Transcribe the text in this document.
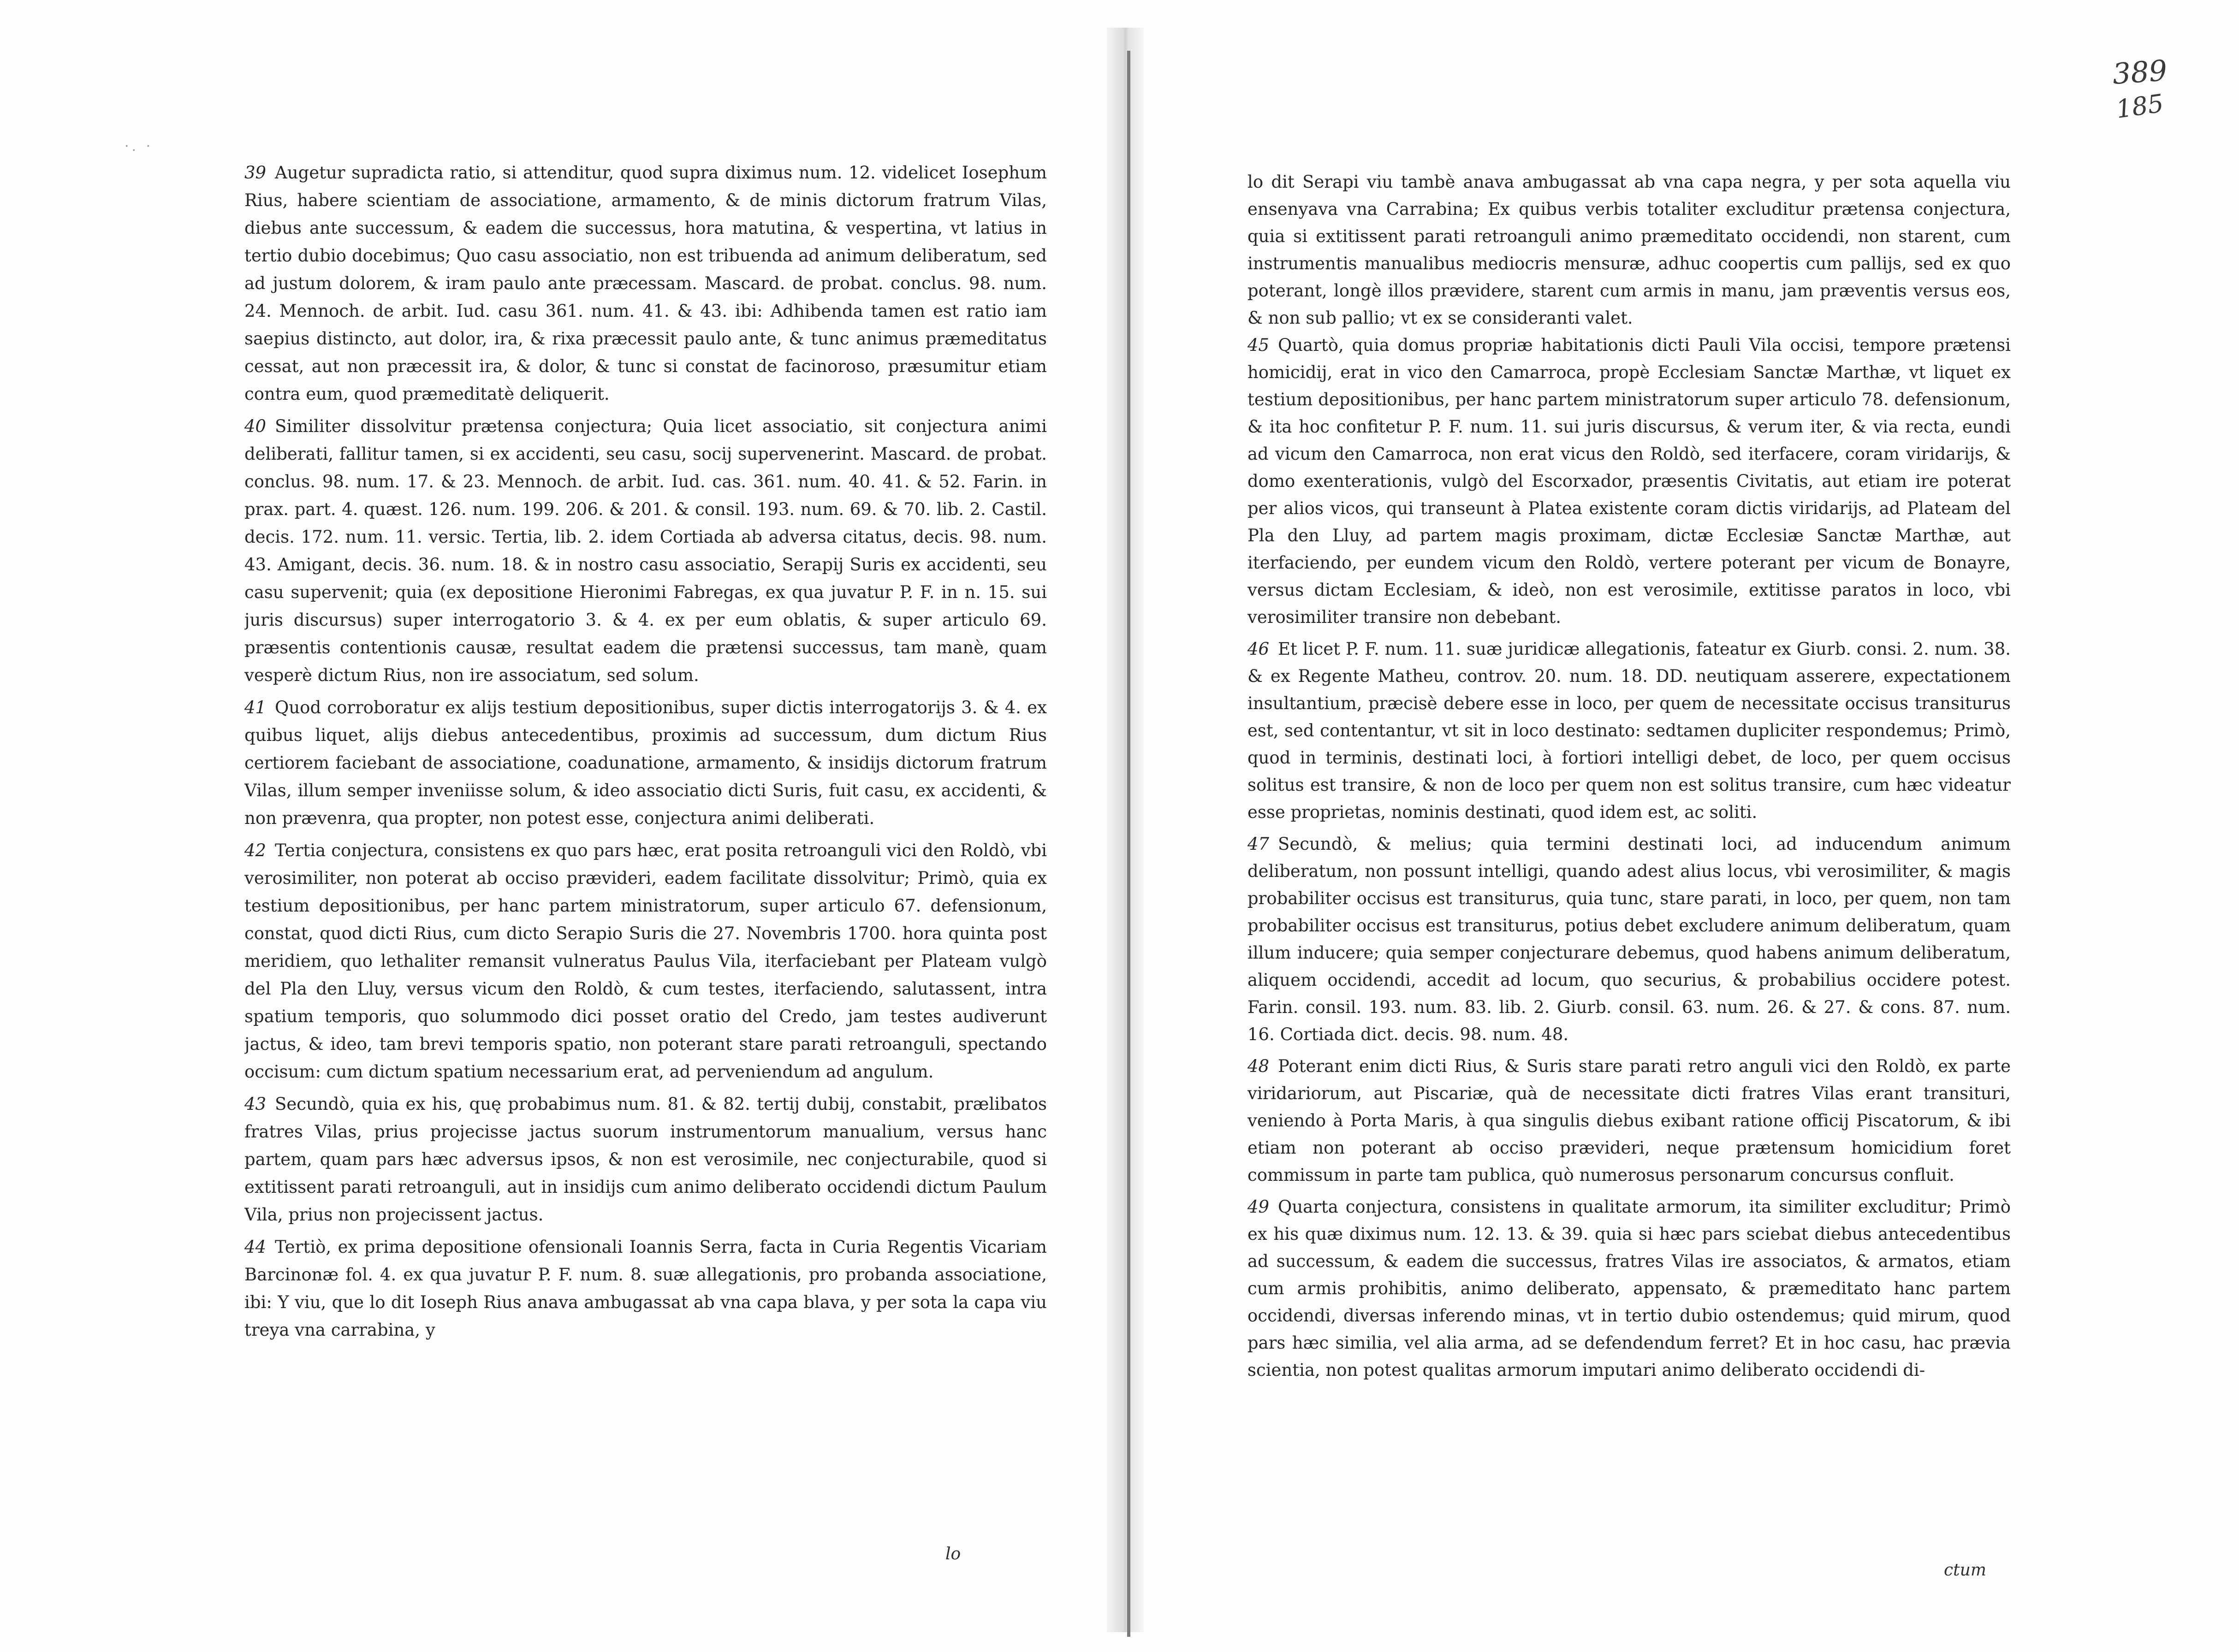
·. ·
389
185

39 Augetur supradicta ratio, si attenditur, quod supra diximus num. 12. videlicet Iosephum Rius, habere scientiam de associatione, armamento, & de minis dictorum fratrum Vilas, diebus ante successum, & eadem die successus, hora matutina, & vespertina, vt latius in tertio dubio docebimus; Quo casu associatio, non est tribuenda ad animum deliberatum, sed ad justum dolorem, & iram paulo ante præcessam. Mascard. de probat. conclus. 98. num. 24. Mennoch. de arbit. Iud. casu 361. num. 41. & 43. ibi: Adhibenda tamen est ratio iam saepius distincto, aut dolor, ira, & rixa præcessit paulo ante, & tunc animus præmeditatus cessat, aut non præcessit ira, & dolor, & tunc si constat de facinoroso, præsumitur etiam contra eum, quod præmeditatè deliquerit.

40 Similiter dissolvitur prætensa conjectura; Quia licet associatio, sit conjectura animi deliberati, fallitur tamen, si ex accidenti, seu casu, socij supervenerint. Mascard. de probat. conclus. 98. num. 17. & 23. Mennoch. de arbit. Iud. cas. 361. num. 40. 41. & 52. Farin. in prax. part. 4. quæst. 126. num. 199. 206. & 201. & consil. 193. num. 69. & 70. lib. 2. Castil. decis. 172. num. 11. versic. Tertia, lib. 2. idem Cortiada ab adversa citatus, decis. 98. num. 43. Amigant, decis. 36. num. 18. & in nostro casu associatio, Serapij Suris ex accidenti, seu casu supervenit; quia (ex depositione Hieronimi Fabregas, ex qua juvatur P. F. in n. 15. sui juris discursus) super interrogatorio 3. & 4. ex per eum oblatis, & super articulo 69. præsentis contentionis causæ, resultat eadem die prætensi successus, tam manè, quam vesperè dictum Rius, non ire associatum, sed solum.

41 Quod corroboratur ex alijs testium depositionibus, super dictis interrogatorijs 3. & 4. ex quibus liquet, alijs diebus antecedentibus, proximis ad successum, dum dictum Rius certiorem faciebant de associatione, coadunatione, armamento, & insidijs dictorum fratrum Vilas, illum semper inveniisse solum, & ideo associatio dicti Suris, fuit casu, ex accidenti, & non prævenra, qua propter, non potest esse, conjectura animi deliberati.

42 Tertia conjectura, consistens ex quo pars hæc, erat posita retroanguli vici den Roldò, vbi verosimiliter, non poterat ab occiso prævideri, eadem facilitate dissolvitur; Primò, quia ex testium depositionibus, per hanc partem ministratorum, super articulo 67. defensionum, constat, quod dicti Rius, cum dicto Serapio Suris die 27. Novembris 1700. hora quinta post meridiem, quo lethaliter remansit vulneratus Paulus Vila, iterfaciebant per Plateam vulgò del Pla den Lluy, versus vicum den Roldò, & cum testes, iterfaciendo, salutassent, intra spatium temporis, quo solummodo dici posset oratio del Credo, jam testes audiverunt jactus, & ideo, tam brevi temporis spatio, non poterant stare parati retroanguli, spectando occisum: cum dictum spatium necessarium erat, ad perveniendum ad angulum.

43 Secundò, quia ex his, quę probabimus num. 81. & 82. tertij dubij, constabit, prælibatos fratres Vilas, prius projecisse jactus suorum instrumentorum manualium, versus hanc partem, quam pars hæc adversus ipsos, & non est verosimile, nec conjecturabile, quod si extitissent parati retroanguli, aut in insidijs cum animo deliberato occidendi dictum Paulum Vila, prius non projecissent jactus.

44 Tertiò, ex prima depositione ofensionali Ioannis Serra, facta in Curia Regentis Vicariam Barcinonæ fol. 4. ex qua juvatur P. F. num. 8. suæ allegationis, pro probanda associatione, ibi: Y viu, que lo dit Ioseph Rius anava ambugassat ab vna capa blava, y per sota la capa viu treya vna carrabina, y

lo

lo dit Serapi viu tambè anava ambugassat ab vna capa negra, y per sota aquella viu ensenyava vna Carrabina; Ex quibus verbis totaliter excluditur prætensa conjectura, quia si extitissent parati retroanguli animo præmeditato occidendi, non starent, cum instrumentis manualibus mediocris mensuræ, adhuc coopertis cum pallijs, sed ex quo poterant, longè illos prævidere, starent cum armis in manu, jam præventis versus eos, & non sub pallio; vt ex se consideranti valet.

45 Quartò, quia domus propriæ habitationis dicti Pauli Vila occisi, tempore prætensi homicidij, erat in vico den Camarroca, propè Ecclesiam Sanctæ Marthæ, vt liquet ex testium depositionibus, per hanc partem ministratorum super articulo 78. defensionum, & ita hoc confitetur P. F. num. 11. sui juris discursus, & verum iter, & via recta, eundi ad vicum den Camarroca, non erat vicus den Roldò, sed iterfacere, coram viridarijs, & domo exenterationis, vulgò del Escorxador, præsentis Civitatis, aut etiam ire poterat per alios vicos, qui transeunt à Platea existente coram dictis viridarijs, ad Plateam del Pla den Lluy, ad partem magis proximam, dictæ Ecclesiæ Sanctæ Marthæ, aut iterfaciendo, per eundem vicum den Roldò, vertere poterant per vicum de Bonayre, versus dictam Ecclesiam, & ideò, non est verosimile, extitisse paratos in loco, vbi verosimiliter transire non debebant.

46 Et licet P. F. num. 11. suæ juridicæ allegationis, fateatur ex Giurb. consi. 2. num. 38. & ex Regente Matheu, controv. 20. num. 18. DD. neutiquam asserere, expectationem insultantium, præcisè debere esse in loco, per quem de necessitate occisus transiturus est, sed contentantur, vt sit in loco destinato: sedtamen dupliciter respondemus; Primò, quod in terminis, destinati loci, à fortiori intelligi debet, de loco, per quem occisus solitus est transire, & non de loco per quem non est solitus transire, cum hæc videatur esse proprietas, nominis destinati, quod idem est, ac soliti.

47 Secundò, & melius; quia termini destinati loci, ad inducendum animum deliberatum, non possunt intelligi, quando adest alius locus, vbi verosimiliter, & magis probabiliter occisus est transiturus, quia tunc, stare parati, in loco, per quem, non tam probabiliter occisus est transiturus, potius debet excludere animum deliberatum, quam illum inducere; quia semper conjecturare debemus, quod habens animum deliberatum, aliquem occidendi, accedit ad locum, quo securius, & probabilius occidere potest. Farin. consil. 193. num. 83. lib. 2. Giurb. consil. 63. num. 26. & 27. & cons. 87. num. 16. Cortiada dict. decis. 98. num. 48.

48 Poterant enim dicti Rius, & Suris stare parati retro anguli vici den Roldò, ex parte viridariorum, aut Piscariæ, quà de necessitate dicti fratres Vilas erant transituri, veniendo à Porta Maris, à qua singulis diebus exibant ratione officij Piscatorum, & ibi etiam non poterant ab occiso prævideri, neque prætensum homicidium foret commissum in parte tam publica, quò numerosus personarum concursus confluit.

49 Quarta conjectura, consistens in qualitate armorum, ita similiter excluditur; Primò ex his quæ diximus num. 12. 13. & 39. quia si hæc pars sciebat diebus antecedentibus ad successum, & eadem die successus, fratres Vilas ire associatos, & armatos, etiam cum armis prohibitis, animo deliberato, appensato, & præmeditato hanc partem occidendi, diversas inferendo minas, vt in tertio dubio ostendemus; quid mirum, quod pars hæc similia, vel alia arma, ad se defendendum ferret? Et in hoc casu, hac prævia scientia, non potest qualitas armorum imputari animo deliberato occidendi di-

ctum
